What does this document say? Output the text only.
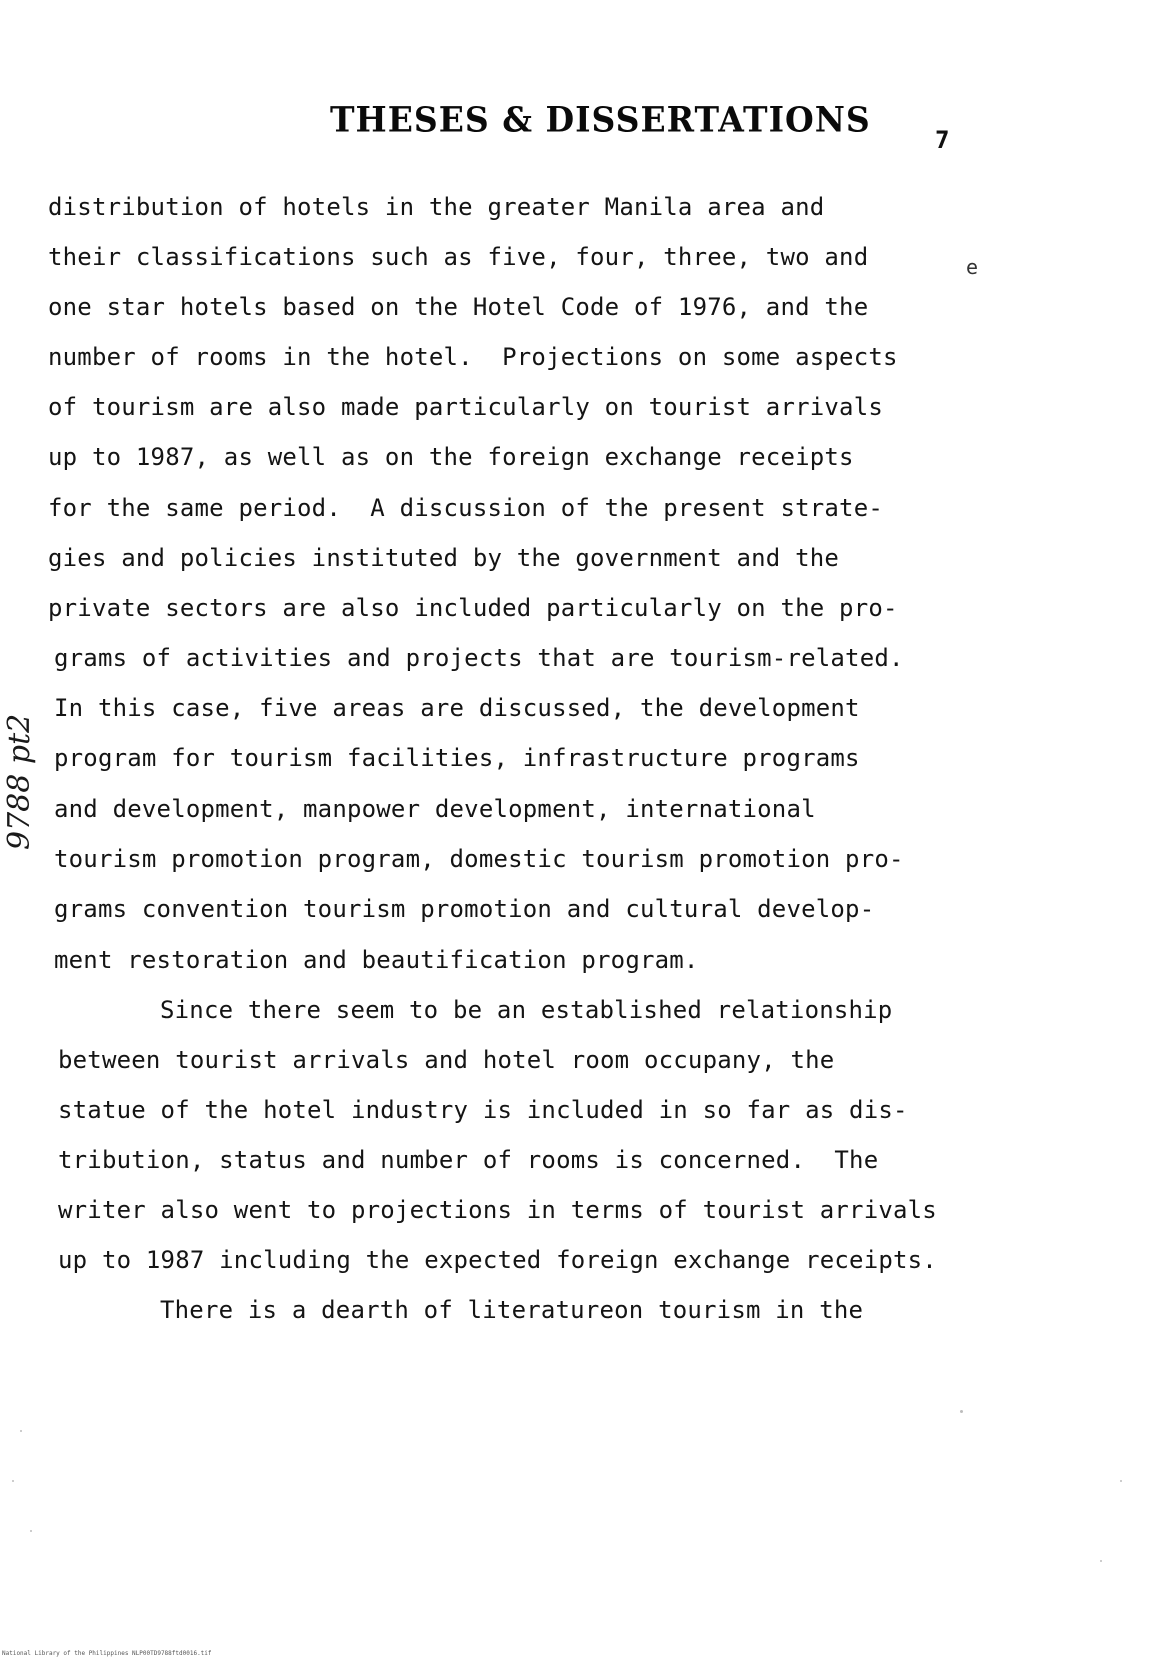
THESES & DISSERTATIONS
7
e
9788 pt2
distribution of hotels in the greater Manila area and
their classifications such as five, four, three, two and
one star hotels based on the Hotel Code of 1976, and the
number of rooms in the hotel.  Projections on some aspects
of tourism are also made particularly on tourist arrivals
up to 1987, as well as on the foreign exchange receipts
for the same period.  A discussion of the present strate-
gies and policies instituted by the government and the
private sectors are also included particularly on the pro-
grams of activities and projects that are tourism-related.
In this case, five areas are discussed, the development
program for tourism facilities, infrastructure programs
and development, manpower development, international
tourism promotion program, domestic tourism promotion pro-
grams convention tourism promotion and cultural develop-
ment restoration and beautification program.
Since there seem to be an established relationship
between tourist arrivals and hotel room occupany, the
statue of the hotel industry is included in so far as dis-
tribution, status and number of rooms is concerned.  The
writer also went to projections in terms of tourist arrivals
up to 1987 including the expected foreign exchange receipts.
There is a dearth of literatureon tourism in the
National Library of the Philippines NLP00TD9788ftd0016.tif
